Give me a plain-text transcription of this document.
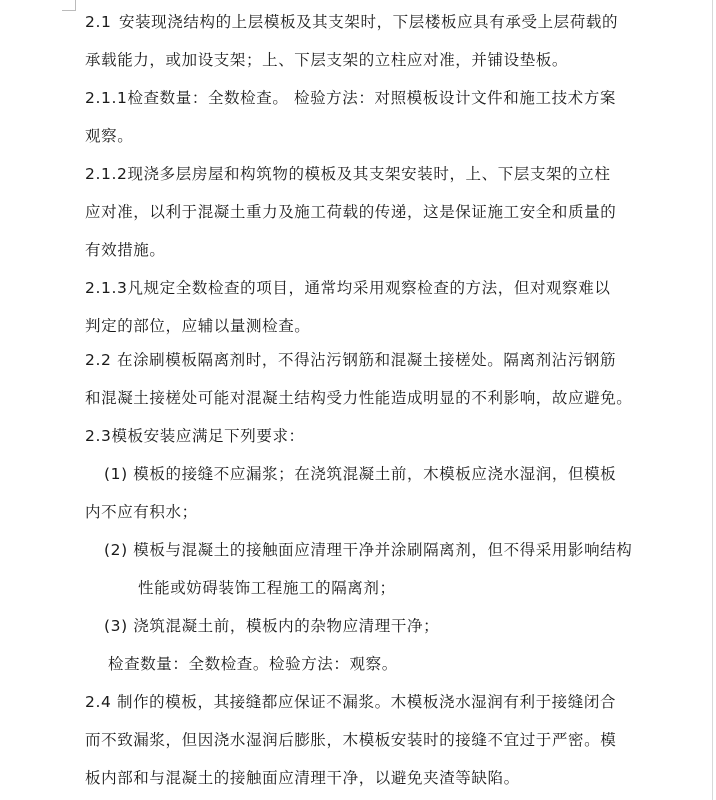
2.1 安装现浇结构的上层模板及其支架时，下层楼板应具有承受上层荷载的
承载能力，或加设支架；上、下层支架的立柱应对准，并铺设垫板。
2.1.1检查数量：全数检查。 检验方法：对照模板设计文件和施工技术方案
观察。
2.1.2现浇多层房屋和构筑物的模板及其支架安装时，上、下层支架的立柱
应对准，以利于混凝土重力及施工荷载的传递，这是保证施工安全和质量的
有效措施。
2.1.3凡规定全数检查的项目，通常均采用观察检查的方法，但对观察难以
判定的部位，应辅以量测检查。
2.2 在涂刷模板隔离剂时，不得沾污钢筋和混凝土接槎处。隔离剂沾污钢筋
和混凝土接槎处可能对混凝土结构受力性能造成明显的不利影响，故应避免。
2.3模板安装应满足下列要求：
(1) 模板的接缝不应漏浆；在浇筑混凝土前，木模板应浇水湿润，但模板
内不应有积水；
(2) 模板与混凝土的接触面应清理干净并涂刷隔离剂，但不得采用影响结构
性能或妨碍装饰工程施工的隔离剂；
(3) 浇筑混凝土前，模板内的杂物应清理干净；
检查数量：全数检查。检验方法：观察。
2.4 制作的模板，其接缝都应保证不漏浆。木模板浇水湿润有利于接缝闭合
而不致漏浆，但因浇水湿润后膨胀，木模板安装时的接缝不宜过于严密。模
板内部和与混凝土的接触面应清理干净，以避免夹渣等缺陷。
